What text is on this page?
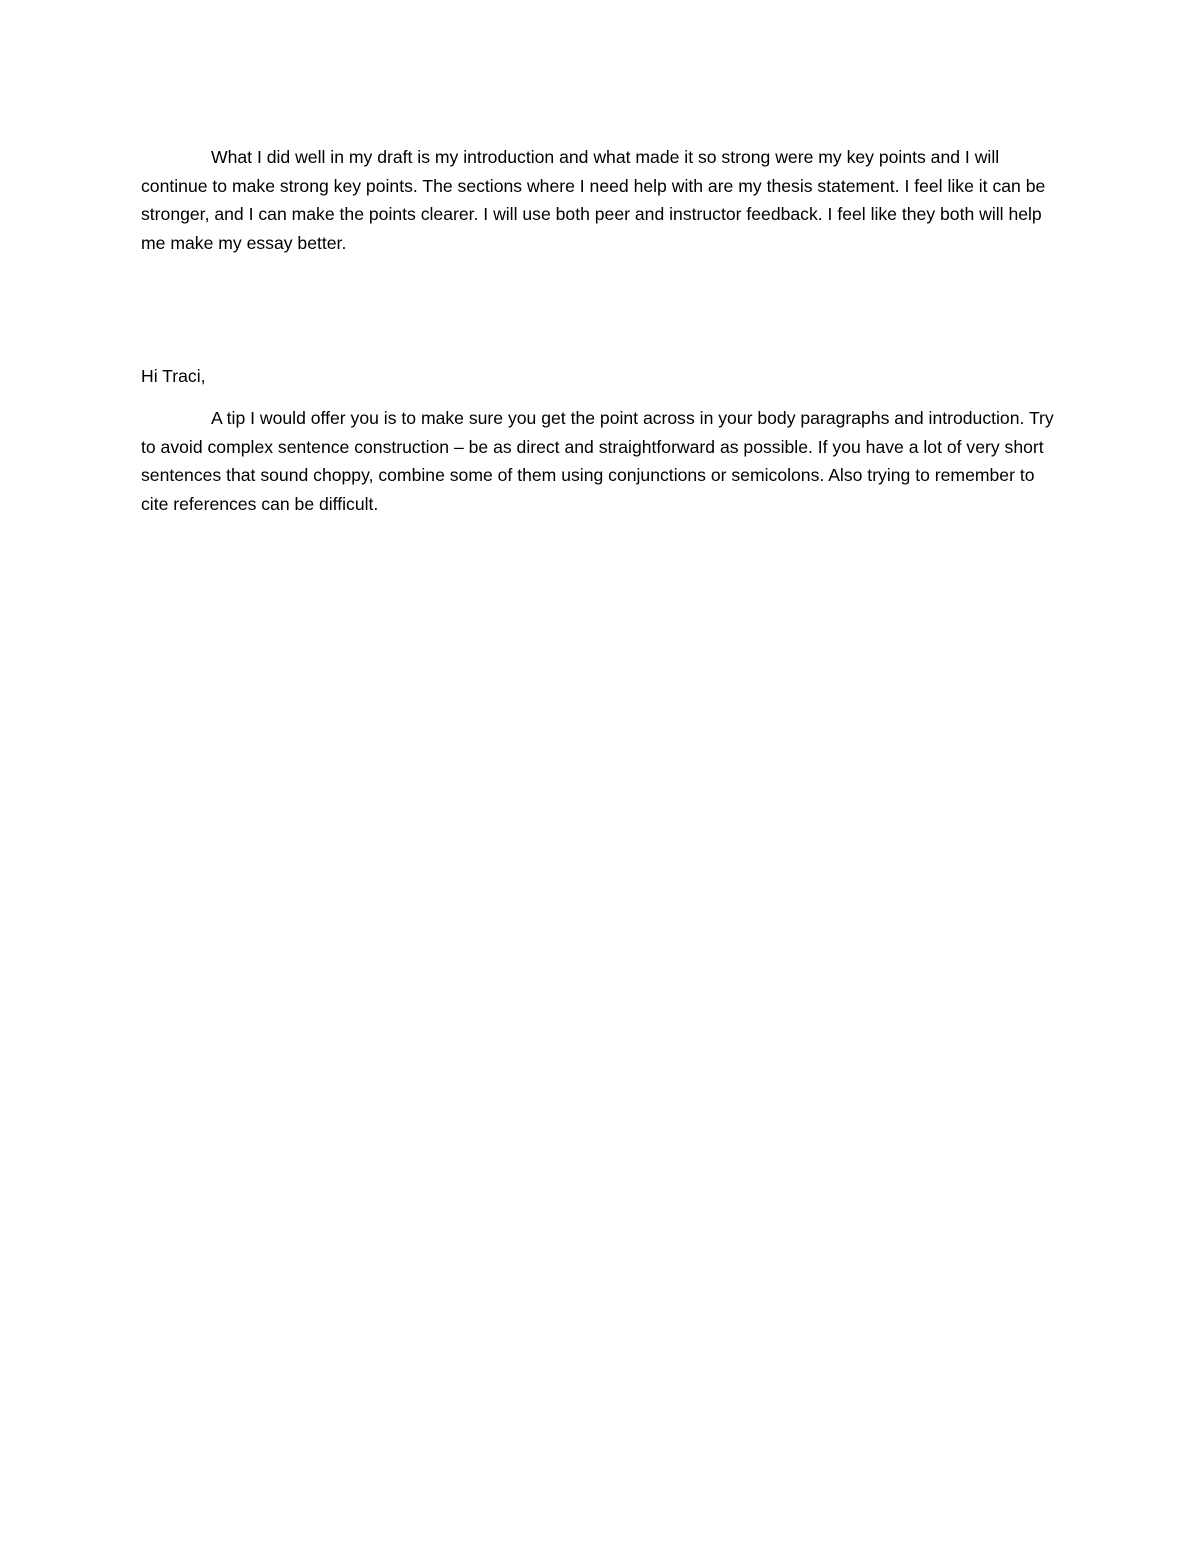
What I did well in my draft is my introduction and what made it so strong were my key points and I will continue to make strong key points. The sections where I need help with are my thesis statement. I feel like it can be stronger, and I can make the points clearer. I will use both peer and instructor feedback. I feel like they both will help me make my essay better.

Hi Traci,

A tip I would offer you is to make sure you get the point across in your body paragraphs and introduction. Try to avoid complex sentence construction – be as direct and straightforward as possible. If you have a lot of very short sentences that sound choppy, combine some of them using conjunctions or semicolons. Also trying to remember to cite references can be difficult.
